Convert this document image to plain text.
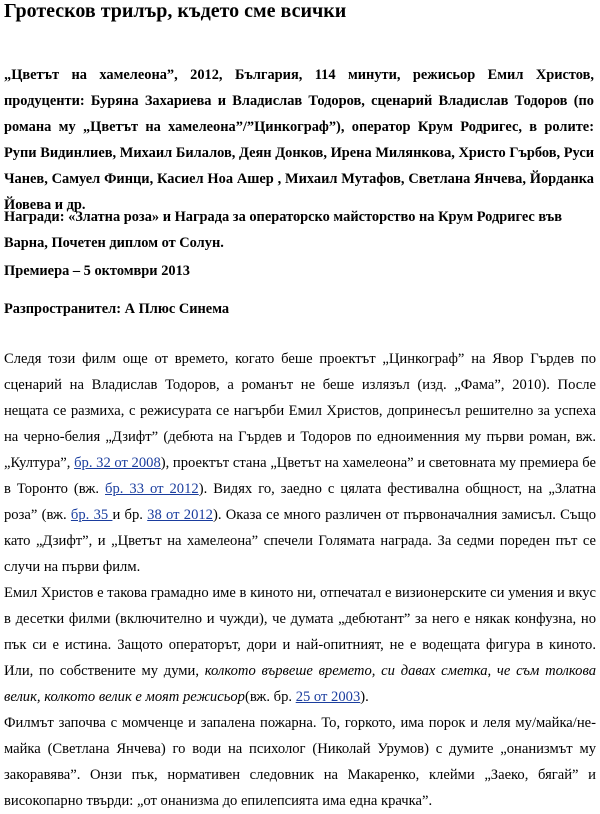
Гротесков трилър, където сме всички

„Цветът на хамелеона”, 2012, България, 114 минути, режисьор Емил Христов, продуценти: Буряна Захариева и Владислав Тодоров, сценарий Владислав Тодоров (по романа му „Цветът на хамелеона”/”Цинкограф”), оператор Крум Родригес, в ролите: Рупи Видинлиев, Михаил Билалов, Деян Донков, Ирена Милянкова, Христо Гърбов, Руси Чанев, Самуел Финци, Касиел Ноа Ашер , Михаил Мутафов, Светлана Янчева, Йорданка Йовева и др.

Награди: «Златна роза» и Награда за операторско майсторство на Крум Родригес във Варна, Почетен диплом от Солун.

Премиера – 5 октомври 2013

Разпространител: А Плюс Синема

Следя този филм още от времето, когато беше проектът „Цинкограф” на Явор Гърдев по сценарий на Владислав Тодоров, а романът не беше излязъл (изд. „Фама”, 2010). После нещата се размиха, с режисурата се нагърби Емил Христов, допринесъл решително за успеха на черно-белия „Дзифт” (дебюта на Гърдев и Тодоров по едноименния му първи роман, вж. „Култура”, бр. 32 от 2008), проектът стана „Цветът на хамелеона” и световната му премиера бе в Торонто (вж. бр. 33 от 2012). Видях го, заедно с цялата фестивална общност, на „Златна роза” (вж. бр. 35 и бр. 38 от 2012). Оказа се много различен от първоначалния замисъл. Също като „Дзифт”, и „Цветът на хамелеона” спечели Голямата награда. За седми пореден път се случи на първи филм.

Емил Христов е такова грамадно име в киното ни, отпечатал е визионерските си умения и вкус в десетки филми (включително и чужди), че думата „дебютант” за него е някак конфузна, но пък си е истина. Защото операторът, дори и най-опитният, не е водещата фигура в киното. Или, по собствените му думи, колкото вървеше времето, си давах сметка, че съм толкова велик, колкото велик е моят режисьор(вж. бр. 25 от 2003).

Филмът започва с момченце и запалена пожарна. То, горкото, има порок и леля му/майка/не-майка (Светлана Янчева) го води на психолог (Николай Урумов) с думите „онанизмът му закоравява”. Онзи пък, нормативен следовник на Макаренко, клейми „Заеко, бягай” и високопарно твърди: „от онанизма до епилепсията има една крачка”.
